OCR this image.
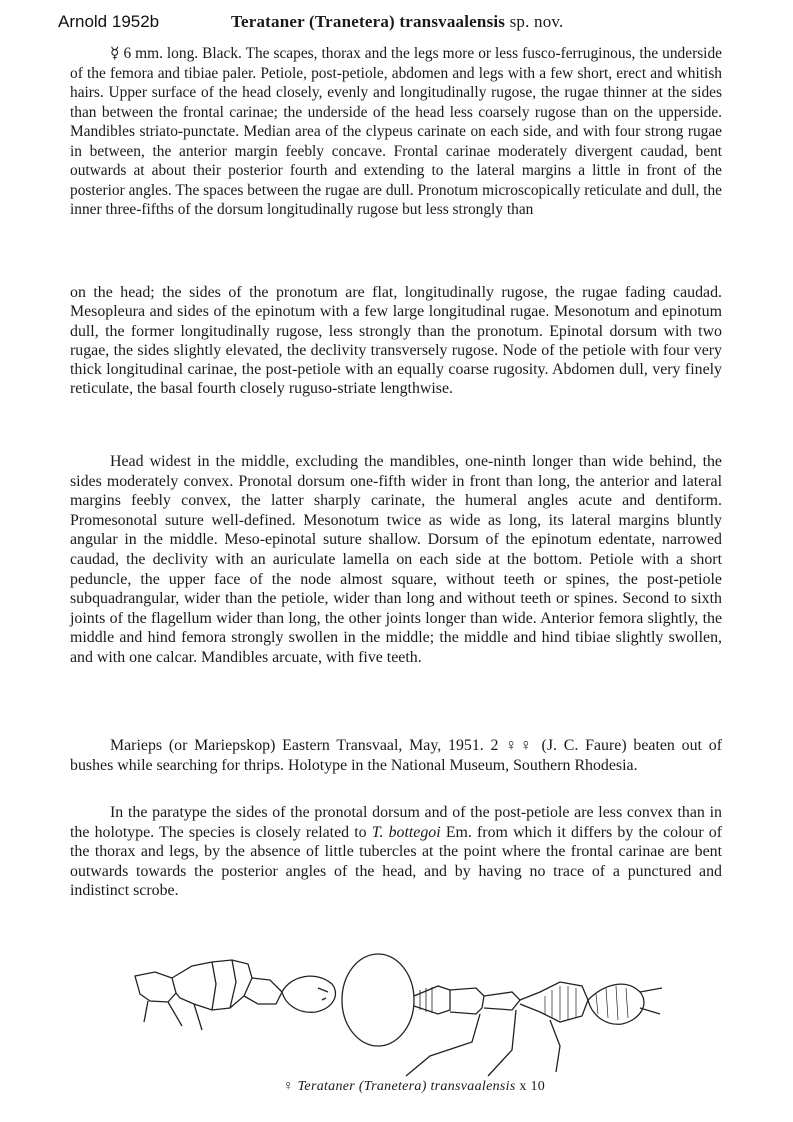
Arnold 1952b	Terataner (Tranetera) transvaalensis sp. nov.

☿ 6 mm. long. Black. The scapes, thorax and the legs more or less fusco-ferruginous, the underside of the femora and tibiae paler. Petiole, post-petiole, abdomen and legs with a few short, erect and whitish hairs. Upper surface of the head closely, evenly and longitudinally rugose, the rugae thinner at the sides than between the frontal carinae; the underside of the head less coarsely rugose than on the upperside. Mandibles striato-punctate. Median area of the clypeus carinate on each side, and with four strong rugae in between, the anterior margin feebly concave. Frontal carinae moderately divergent caudad, bent outwards at about their posterior fourth and extending to the lateral margins a little in front of the posterior angles. The spaces between the rugae are dull. Pronotum microscopically reticulate and dull, the inner three-fifths of the dorsum longitudinally rugose but less strongly than

on the head; the sides of the pronotum are flat, longitudinally rugose, the rugae fading caudad. Mesopleura and sides of the epinotum with a few large longitudinal rugae. Mesonotum and epinotum dull, the former longitudinally rugose, less strongly than the pronotum. Epinotal dorsum with two rugae, the sides slightly elevated, the declivity transversely rugose. Node of the petiole with four very thick longitudinal carinae, the post-petiole with an equally coarse rugosity. Abdomen dull, very finely reticulate, the basal fourth closely ruguso-striate lengthwise.

Head widest in the middle, excluding the mandibles, one-ninth longer than wide behind, the sides moderately convex. Pronotal dorsum one-fifth wider in front than long, the anterior and lateral margins feebly convex, the latter sharply carinate, the humeral angles acute and dentiform. Promesonotal suture well-defined. Mesonotum twice as wide as long, its lateral margins bluntly angular in the middle. Meso-epinotal suture shallow. Dorsum of the epinotum edentate, narrowed caudad, the declivity with an auriculate lamella on each side at the bottom. Petiole with a short peduncle, the upper face of the node almost square, without teeth or spines, the post-petiole subquadrangular, wider than the petiole, wider than long and without teeth or spines. Second to sixth joints of the flagellum wider than long, the other joints longer than wide. Anterior femora slightly, the middle and hind femora strongly swollen in the middle; the middle and hind tibiae slightly swollen, and with one calcar. Mandibles arcuate, with five teeth.

Marieps (or Mariepskop) Eastern Transvaal, May, 1951. 2 ♀♀ (J. C. Faure) beaten out of bushes while searching for thrips. Holotype in the National Museum, Southern Rhodesia.

In the paratype the sides of the pronotal dorsum and of the post-petiole are less convex than in the holotype. The species is closely related to T. bottegoi Em. from which it differs by the colour of the thorax and legs, by the absence of little tubercles at the point where the frontal carinae are bent outwards towards the posterior angles of the head, and by having no trace of a punctured and indistinct scrobe.

♀ Terataner (Tranetera) transvaalensis x 10
